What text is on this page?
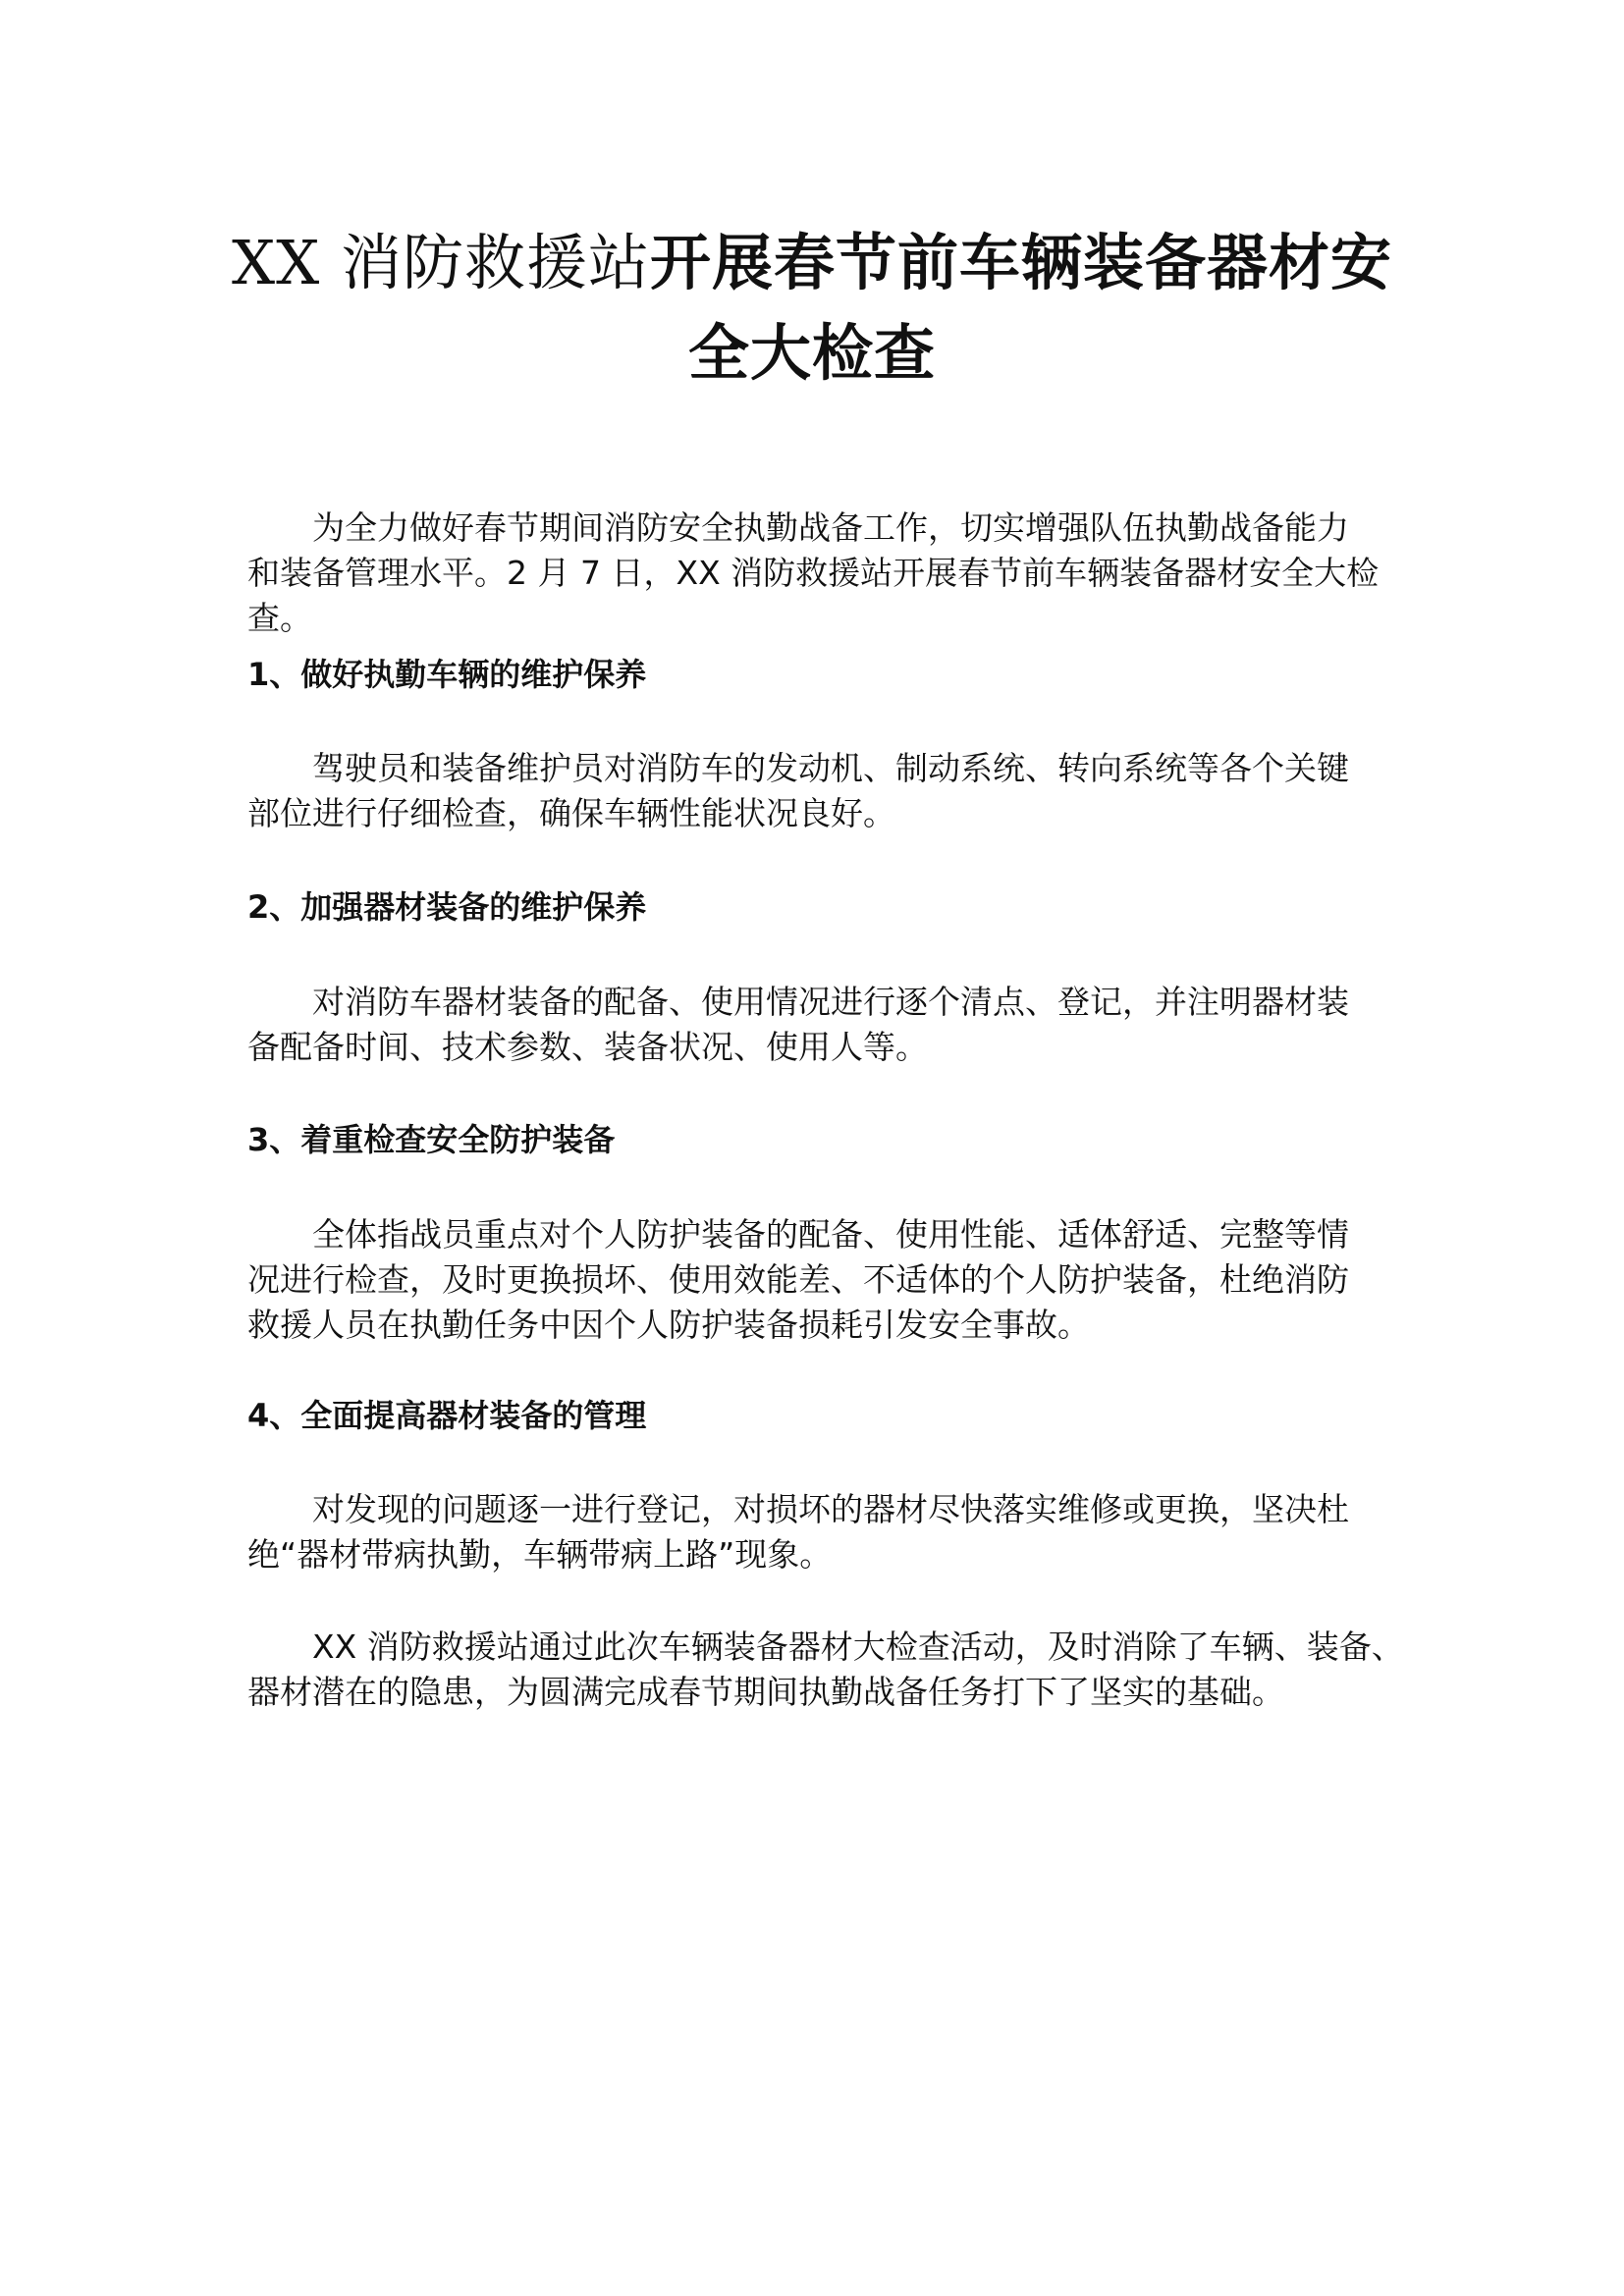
XX 消防救援站开展春节前车辆装备器材安
全大检查

为全力做好春节期间消防安全执勤战备工作，切实增强队伍执勤战备能力
和装备管理水平。2 月 7 日，XX 消防救援站开展春节前车辆装备器材安全大检
查。

1、做好执勤车辆的维护保养

驾驶员和装备维护员对消防车的发动机、制动系统、转向系统等各个关键
部位进行仔细检查，确保车辆性能状况良好。

2、加强器材装备的维护保养

对消防车器材装备的配备、使用情况进行逐个清点、登记，并注明器材装
备配备时间、技术参数、装备状况、使用人等。

3、着重检查安全防护装备

全体指战员重点对个人防护装备的配备、使用性能、适体舒适、完整等情
况进行检查，及时更换损坏、使用效能差、不适体的个人防护装备，杜绝消防
救援人员在执勤任务中因个人防护装备损耗引发安全事故。

4、全面提高器材装备的管理

对发现的问题逐一进行登记，对损坏的器材尽快落实维修或更换，坚决杜
绝“器材带病执勤，车辆带病上路”现象。

XX 消防救援站通过此次车辆装备器材大检查活动，及时消除了车辆、装备、
器材潜在的隐患，为圆满完成春节期间执勤战备任务打下了坚实的基础。
